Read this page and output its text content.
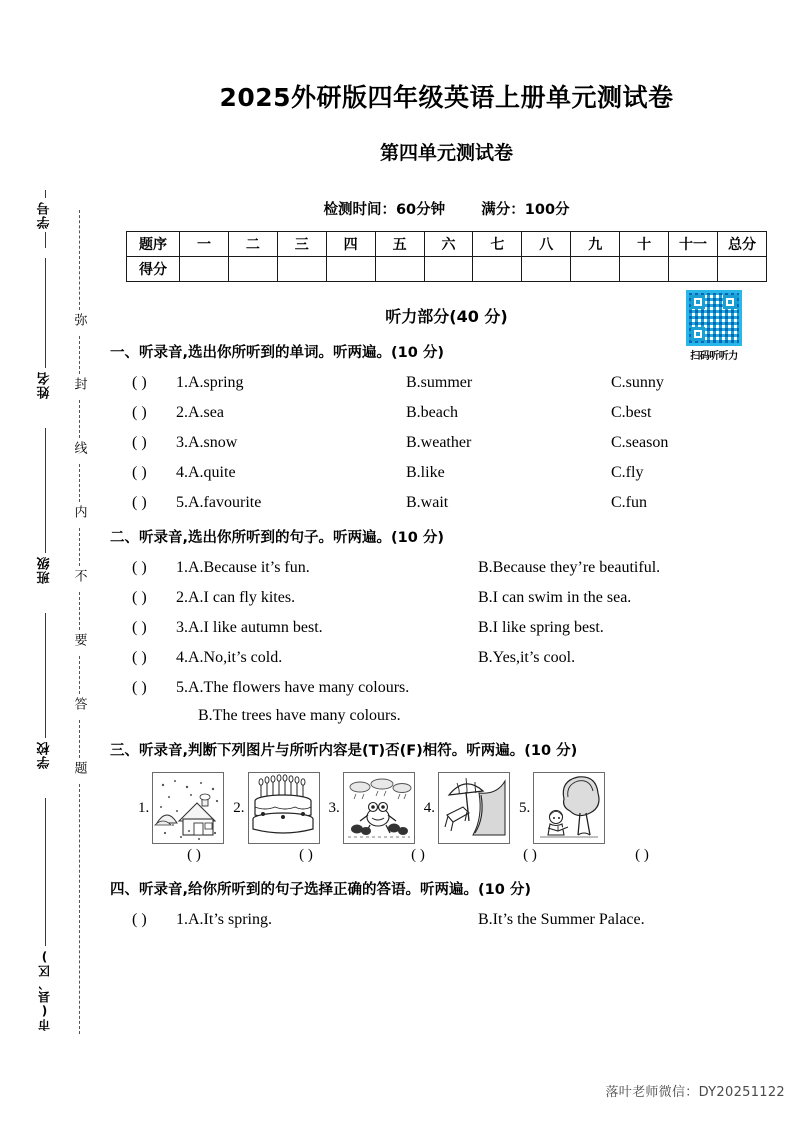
学号
姓名
班级
学校
市(县、区)
弥
封
线
内
不
要
答
题
2025外研版四年级英语上册单元测试卷
第四单元测试卷
检测时间：60分钟 满分：100分
题序	一	二	三	四	五	六	七	八	九	十	十一	总分
得分												
听力部分(40 分)
扫码听听力
一、听录音,选出你所听到的单词。听两遍。(10 分)
( )	1. A.spring	B.summer	C.sunny
( )	2. A.sea	B.beach	C.best
( )	3. A.snow	B.weather	C.season
( )	4. A.quite	B.like	C.fly
( )	5. A.favourite	B.wait	C.fun
二、听录音,选出你所听到的句子。听两遍。(10 分)
( )	1. A.Because it’s fun.	B.Because they’re beautiful.
( )	2. A.I can fly kites.	B.I can swim in the sea.
( )	3. A.I like autumn best.	B.I like spring best.
( )	4. A.No,it’s cold.	B.Yes,it’s cool.
( )	5. A.The flowers have many colours.
B.The trees have many colours.
三、听录音,判断下列图片与所听内容是(T)否(F)相符。听两遍。(10 分)
1.	2.	3.	4.	5.
( )	( )	( )	( )	( )
四、听录音,给你所听到的句子选择正确的答语。听两遍。(10 分)
( )	1. A.It’s spring.	B.It’s the Summer Palace.
落叶老师微信：DY20251122
